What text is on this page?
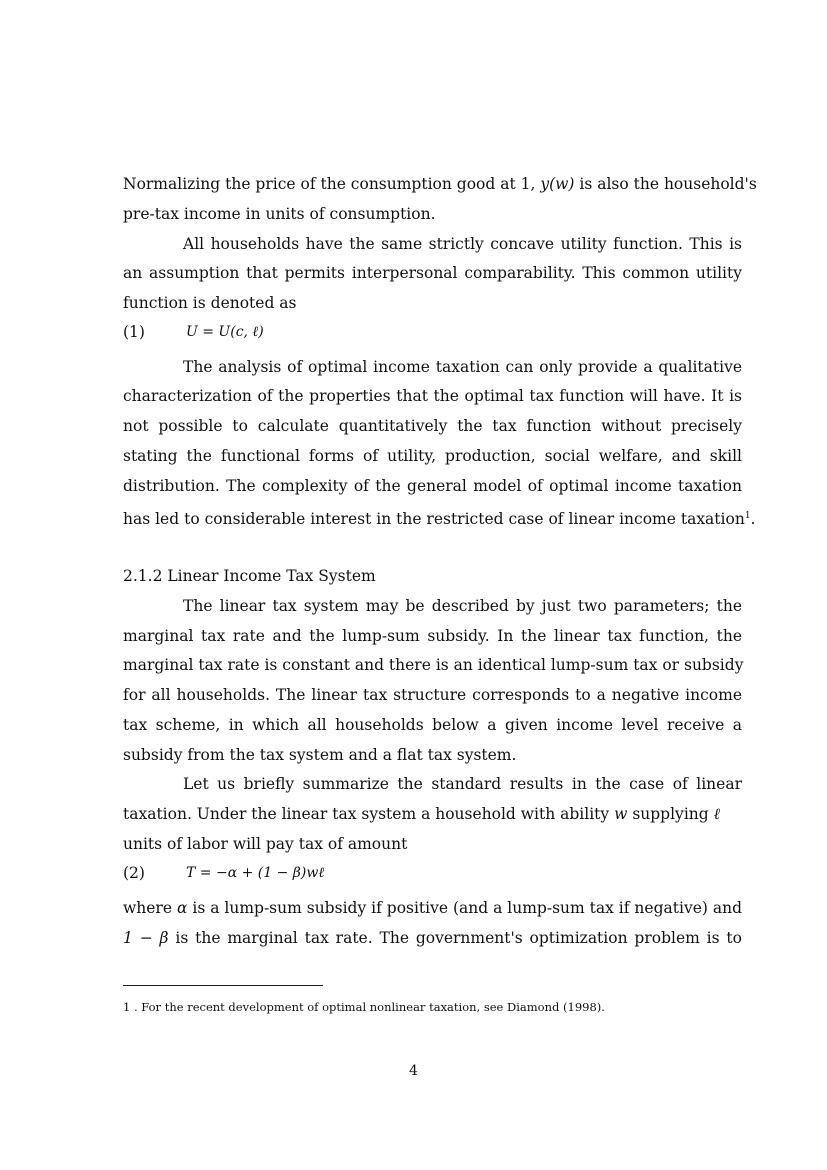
Normalizing the price of the consumption good at 1, y(w) is also the household's
pre-tax income in units of consumption.
All households have the same strictly concave utility function. This is
an assumption that permits interpersonal comparability. This common utility
function is denoted as
(1)	U = U(c, ℓ)
The analysis of optimal income taxation can only provide a qualitative
characterization of the properties that the optimal tax function will have. It is
not possible to calculate quantitatively the tax function without precisely
stating the functional forms of utility, production, social welfare, and skill
distribution. The complexity of the general model of optimal income taxation
has led to considerable interest in the restricted case of linear income taxation$^1$.
2.1.2 Linear Income Tax System
The linear tax system may be described by just two parameters; the
marginal tax rate and the lump-sum subsidy. In the linear tax function, the
marginal tax rate is constant and there is an identical lump-sum tax or subsidy
for all households. The linear tax structure corresponds to a negative income
tax scheme, in which all households below a given income level receive a
subsidy from the tax system and a flat tax system.
Let us briefly summarize the standard results in the case of linear
taxation. Under the linear tax system a household with ability w supplying ℓ
units of labor will pay tax of amount
(2)	T = −α + (1 − β)wℓ
where α is a lump-sum subsidy if positive (and a lump-sum tax if negative) and
1 − β is the marginal tax rate. The government's optimization problem is to
1 . For the recent development of optimal nonlinear taxation, see Diamond (1998).
4
